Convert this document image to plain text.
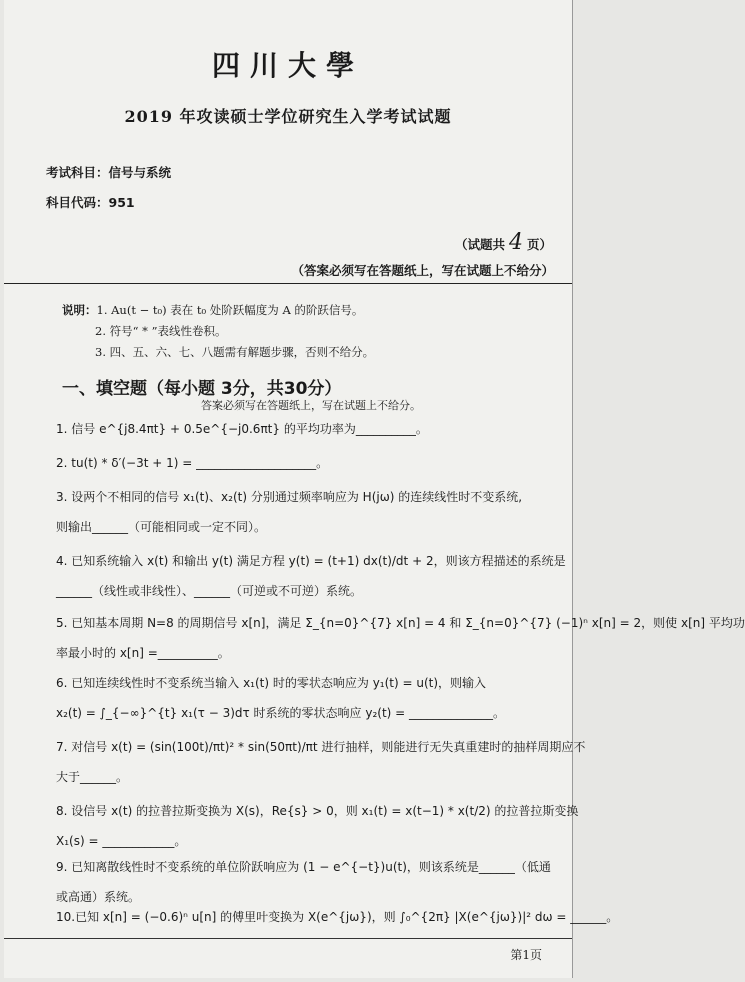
四川大學
2019 年攻读硕士学位研究生入学考试试题
考试科目：信号与系统
科目代码：951
（试题共 4 页）
（答案必须写在答题纸上，写在试题上不给分）
说明：1. Au(t − t₀) 表在 t₀ 处阶跃幅度为 A 的阶跃信号。
2. 符号“ * ”表线性卷积。
3. 四、五、六、七、八题需有解题步骤，否则不给分。
一、填空题（每小题 3分，共30分）
答案必须写在答题纸上，写在试题上不给分。
1. 信号 e^{j8.4πt} + 0.5e^{−j0.6πt} 的平均功率为__________。
2. tu(t) * δ′(−3t + 1) = ____________________。
3. 设两个不相同的信号 x₁(t)、x₂(t) 分别通过频率响应为 H(jω) 的连续线性时不变系统,
则输出______（可能相同或一定不同）。
4. 已知系统输入 x(t) 和输出 y(t) 满足方程 y(t) = (t+1) dx(t)/dt + 2，则该方程描述的系统是
______（线性或非线性）、______（可逆或不可逆）系统。
5. 已知基本周期 N=8 的周期信号 x[n]，满足 Σ_{n=0}^{7} x[n] = 4 和 Σ_{n=0}^{7} (−1)ⁿ x[n] = 2，则使 x[n] 平均功
率最小时的 x[n] =__________。
6. 已知连续线性时不变系统当输入 x₁(t) 时的零状态响应为 y₁(t) = u(t)，则输入
x₂(t) = ∫_{−∞}^{t} x₁(τ − 3)dτ 时系统的零状态响应 y₂(t) = ______________。
7. 对信号 x(t) = (sin(100t)/πt)² * sin(50πt)/πt 进行抽样，则能进行无失真重建时的抽样周期应不
大于______。
8. 设信号 x(t) 的拉普拉斯变换为 X(s)，Re{s} > 0，则 x₁(t) = x(t−1) * x(t/2) 的拉普拉斯变换
X₁(s) = ____________。
9. 已知离散线性时不变系统的单位阶跃响应为 (1 − e^{−t})u(t)，则该系统是______（低通
或高通）系统。
10.已知 x[n] = (−0.6)ⁿ u[n] 的傅里叶变换为 X(e^{jω})，则 ∫₀^{2π} |X(e^{jω})|² dω = ______。
第1页
